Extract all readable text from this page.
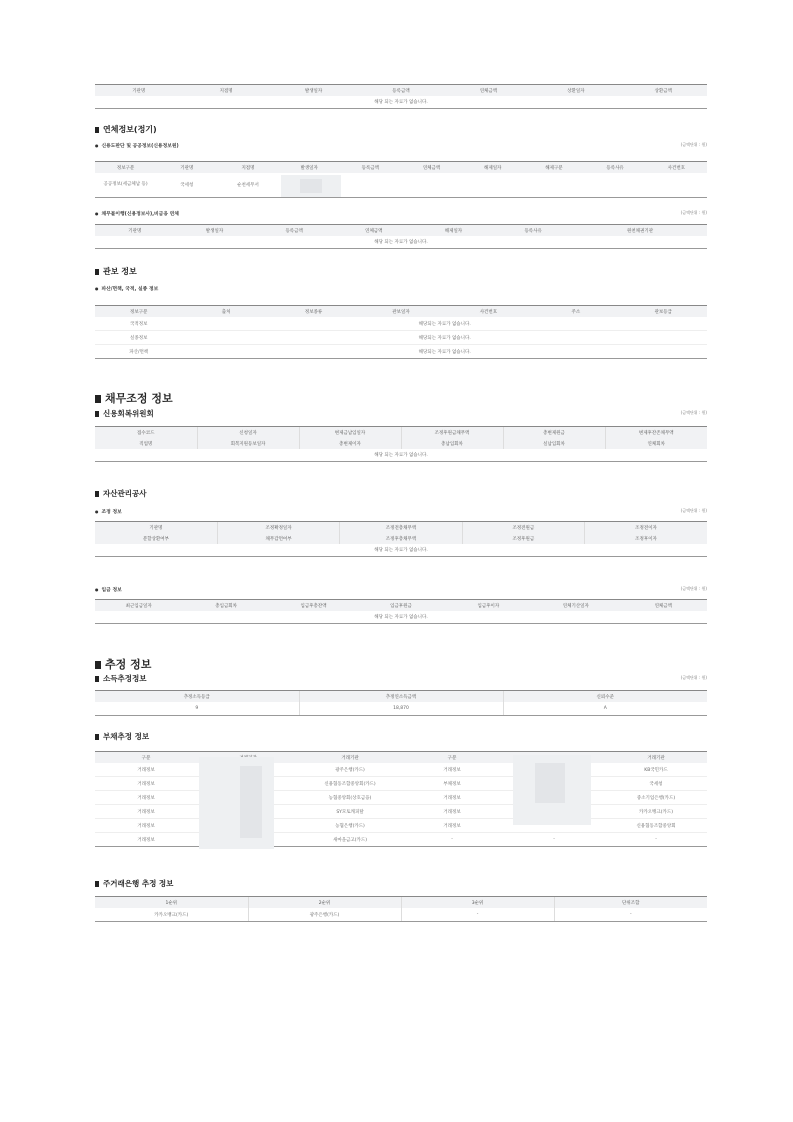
기관명	지점명	발생일자	등록금액	연체금액	상환일자	상환금액
해당 되는 자료가 없습니다.
연체정보(정기)
● 신용도판단 및 공공정보(신용정보원)	(금액단위 : 원)
정보구분	기관명	지점명	발생일자	등록금액	연체금액	해제일자	해제구분	등록사유	사건번호
공공정보(세금체납 등)	국세청	순천세무서							
● 채무불이행(신용정보사),비금융 연체	(금액단위 : 원)
기관명	발생일자	등록금액	연체금액	해제일자	등록사유	원천채권기관
해당 되는 자료가 없습니다.
관보 정보
● 파산/면책, 국적, 실종 정보
정보구분	출처	정보종류	관보일자	사건번호	주소	관보등급
국적정보	해당되는 자료가 없습니다.					
실종정보	해당되는 자료가 없습니다.					
파산/면책	해당되는 자료가 없습니다.					
채무조정 정보
신용회복위원회	(금액단위 : 원)
접수코드	신청일자	변제금납입일자	조정후원금채무액	총변제원금	변제후잔존채무액
직업명	회복지원등보일자	총변제이자	총납입회차	실납입회차	연체회차
해당 되는 자료가 없습니다.					
자산관리공사
● 조정 정보	(금액단위 : 원)
기관명	조정확정일자	조정전총채무액	조정전원금	조정전이자
분할상환여부	채무감면여부	조정후총채무액	조정후원금	조정후이자
해당 되는 자료가 없습니다.				
● 입금 정보	(금액단위 : 원)
최근입금일자	총입금회차	입금후총잔액	입금후원금	입금후이자	연체기산일자	연체금액
해당 되는 자료가 없습니다.
추정 정보
소득추정정보	(금액단위 : 원)
추정소득등급	추정연소득금액	신뢰수준
9	18,870	A
부채추정 정보
구분		거래기관	구분		거래기관
거래정보		광주은행(카드)	거래정보		KB국민카드
거래정보		신용협동조합중앙회(카드)	부채정보		국세청
거래정보		농협중앙회(상호금융)	거래정보		중소기업은행(카드)
거래정보		SY모토캐피탈	거래정보		카카오뱅크(카드)
거래정보		농협은행(카드)	거래정보		신용협동조합중앙회
거래정보		새마을금고(카드)	-	-	-
주거래은행 추정 정보
1순위	2순위	3순위	단위조합
카카오뱅크(카드)	광주은행(카드)	-	-
